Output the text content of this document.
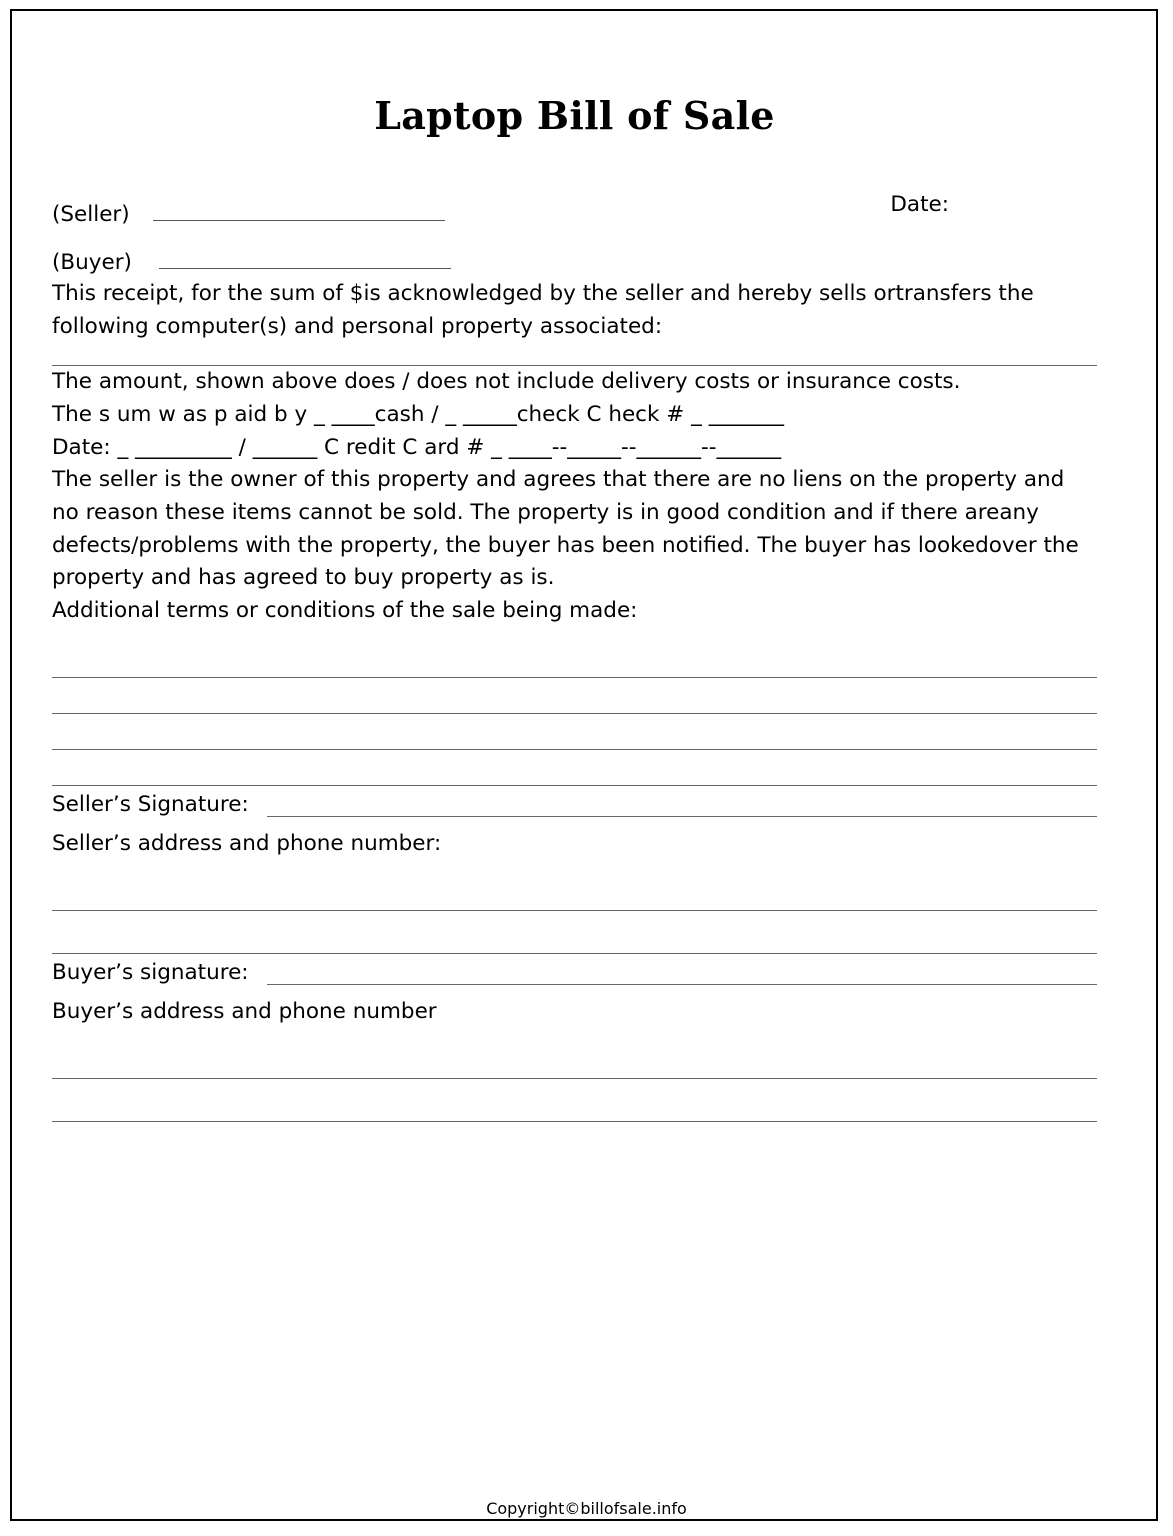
Laptop Bill of Sale
(Seller)	Date:
(Buyer)

This receipt, for the sum of $is acknowledged by the seller and hereby sells ortransfers the following computer(s) and personal property associated:

The amount, shown above does / does not include delivery costs or insurance costs.

The s um w as p aid b y _ ____cash / _ _____check C heck # _ _______

Date: _ _________ / ______ C redit C ard # _ ____--_____--______--______

The seller is the owner of this property and agrees that there are no liens on the property and no reason these items cannot be sold. The property is in good condition and if there areany defects/problems with the property, the buyer has been notified. The buyer has lookedover the property and has agreed to buy property as is.

Additional terms or conditions of the sale being made:

Seller’s Signature:
Seller’s address and phone number:
Buyer’s signature:
Buyer’s address and phone number
Copyright©billofsale.info
